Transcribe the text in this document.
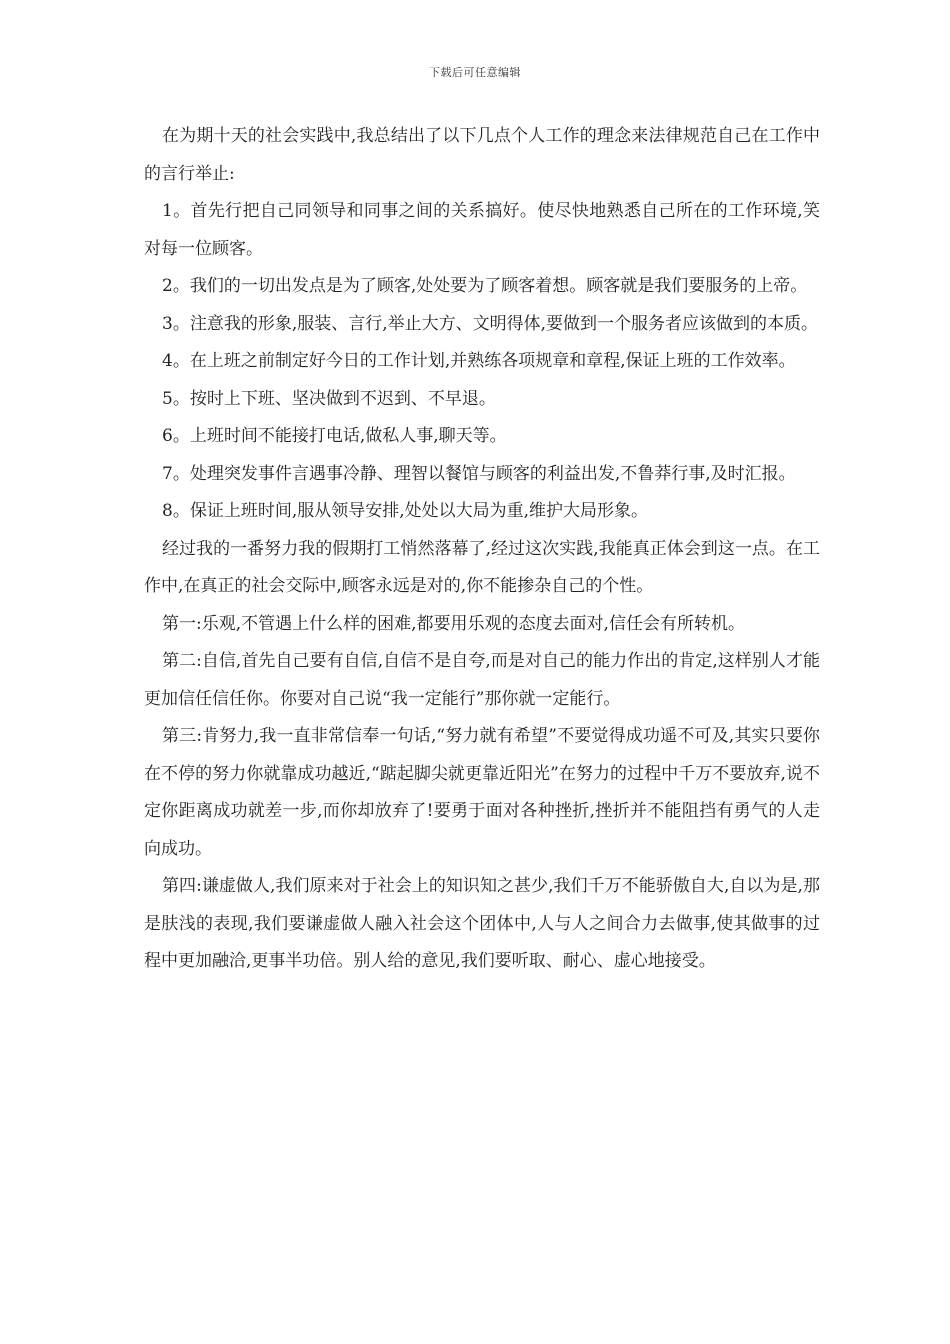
下载后可任意编辑

在为期十天的社会实践中,我总结出了以下几点个人工作的理念来法律规范自己在工作中的言行举止:

1。首先行把自己同领导和同事之间的关系搞好。使尽快地熟悉自己所在的工作环境,笑对每一位顾客。

2。我们的一切出发点是为了顾客,处处要为了顾客着想。顾客就是我们要服务的上帝。

3。注意我的形象,服装、言行,举止大方、文明得体,要做到一个服务者应该做到的本质。

4。在上班之前制定好今日的工作计划,并熟练各项规章和章程,保证上班的工作效率。

5。按时上下班、坚决做到不迟到、不早退。

6。上班时间不能接打电话,做私人事,聊天等。

7。处理突发事件言遇事冷静、理智以餐馆与顾客的利益出发,不鲁莽行事,及时汇报。

8。保证上班时间,服从领导安排,处处以大局为重,维护大局形象。

经过我的一番努力我的假期打工悄然落幕了,经过这次实践,我能真正体会到这一点。在工作中,在真正的社会交际中,顾客永远是对的,你不能掺杂自己的个性。

第一:乐观,不管遇上什么样的困难,都要用乐观的态度去面对,信任会有所转机。

第二:自信,首先自己要有自信,自信不是自夸,而是对自己的能力作出的肯定,这样别人才能更加信任信任你。你要对自己说“我一定能行”那你就一定能行。

第三:肯努力,我一直非常信奉一句话,“努力就有希望”不要觉得成功遥不可及,其实只要你在不停的努力你就靠成功越近,“踮起脚尖就更靠近阳光”在努力的过程中千万不要放弃,说不定你距离成功就差一步,而你却放弃了!要勇于面对各种挫折,挫折并不能阻挡有勇气的人走向成功。

第四:谦虚做人,我们原来对于社会上的知识知之甚少,我们千万不能骄傲自大,自以为是,那是肤浅的表现,我们要谦虚做人融入社会这个团体中,人与人之间合力去做事,使其做事的过程中更加融洽,更事半功倍。别人给的意见,我们要听取、耐心、虚心地接受。
